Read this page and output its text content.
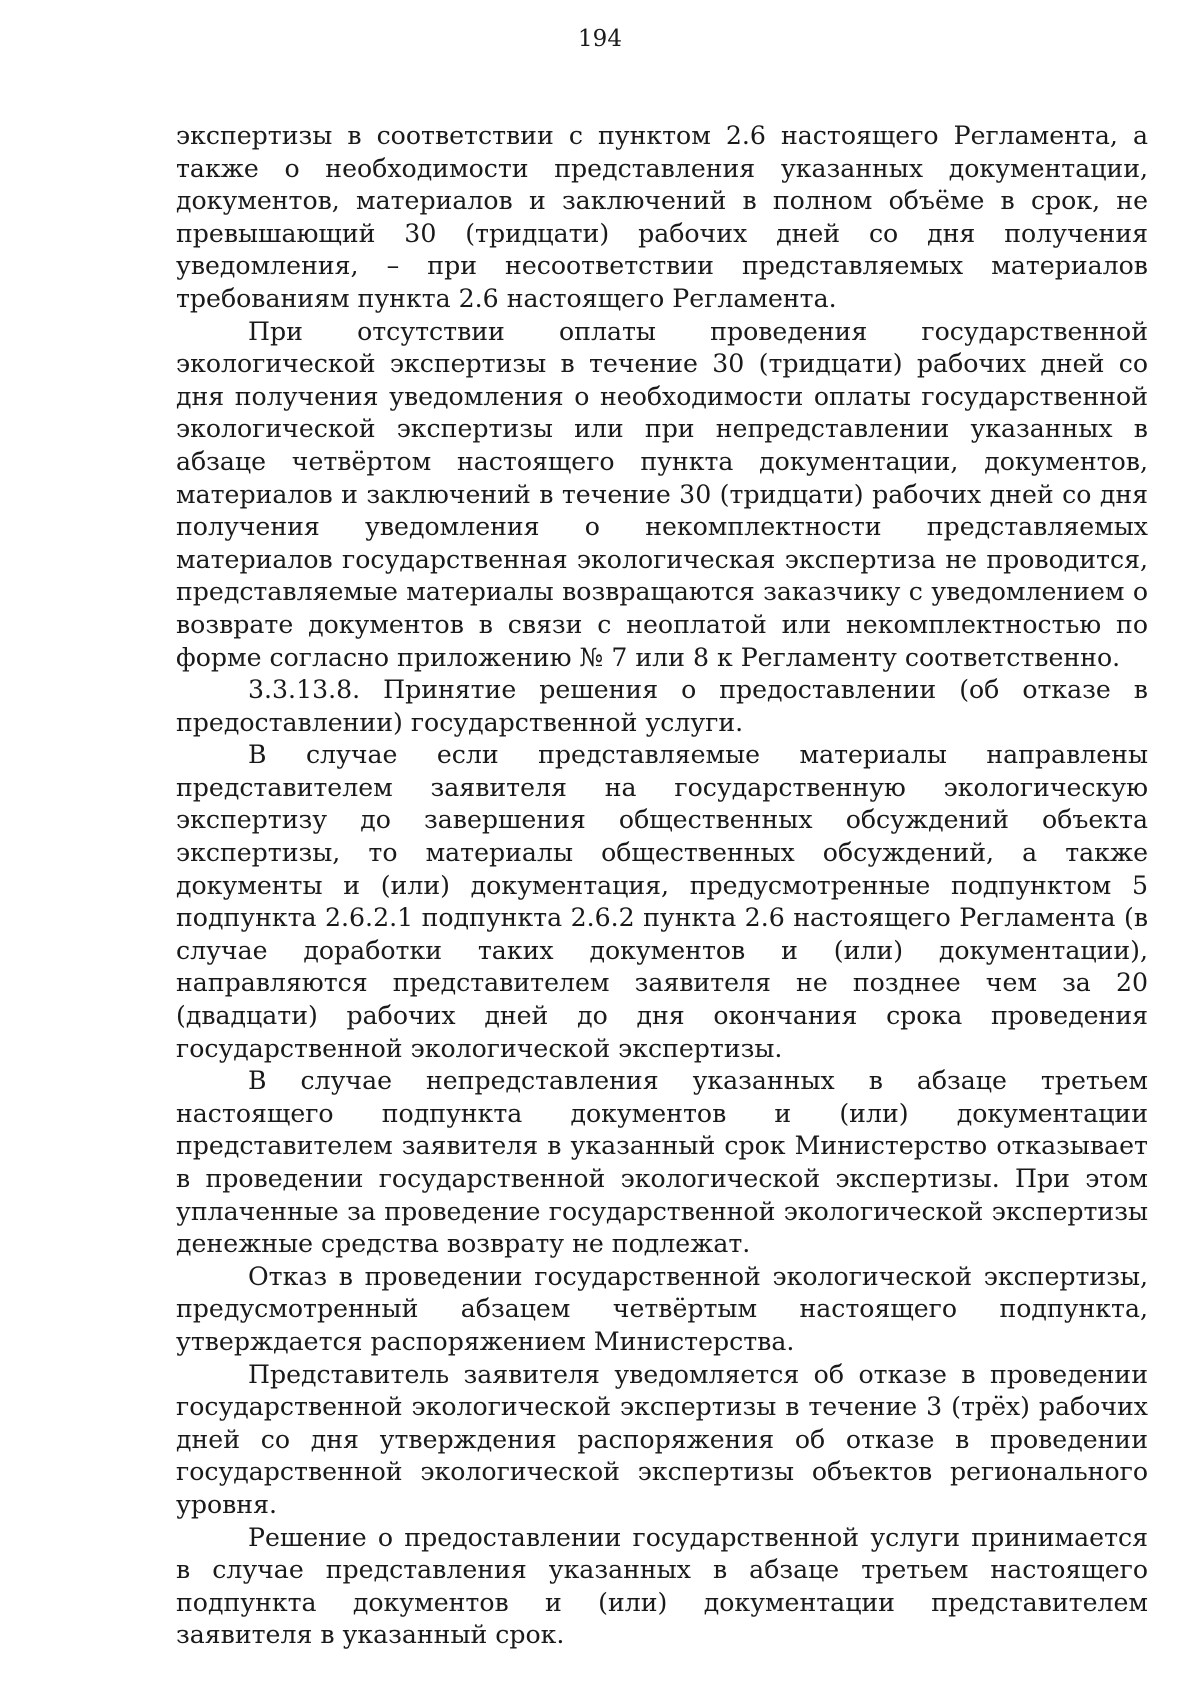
194

экспертизы в соответствии с пунктом 2.6 настоящего Регламента, а также о необходимости представления указанных документации, документов, материалов и заключений в полном объёме в срок, не превышающий 30 (тридцати) рабочих дней со дня получения уведомления, – при несоответствии представляемых материалов требованиям пункта 2.6 настоящего Регламента.

При отсутствии оплаты проведения государственной экологической экспертизы в течение 30 (тридцати) рабочих дней со дня получения уведомления о необходимости оплаты государственной экологической экспертизы или при непредставлении указанных в абзаце четвёртом настоящего пункта документации, документов, материалов и заключений в течение 30 (тридцати) рабочих дней со дня получения уведомления о некомплектности представляемых материалов государственная экологическая экспертиза не проводится, представляемые материалы возвращаются заказчику с уведомлением о возврате документов в связи с неоплатой или некомплектностью по форме согласно приложению № 7 или 8 к Регламенту соответственно.

3.3.13.8. Принятие решения о предоставлении (об отказе в предоставлении) государственной услуги.

В случае если представляемые материалы направлены представителем заявителя на государственную экологическую экспертизу до завершения общественных обсуждений объекта экспертизы, то материалы общественных обсуждений, а также документы и (или) документация, предусмотренные подпунктом 5 подпункта 2.6.2.1 подпункта 2.6.2 пункта 2.6 настоящего Регламента (в случае доработки таких документов и (или) документации), направляются представителем заявителя не позднее чем за 20 (двадцати) рабочих дней до дня окончания срока проведения государственной экологической экспертизы.

В случае непредставления указанных в абзаце третьем настоящего подпункта документов и (или) документации представителем заявителя в указанный срок Министерство отказывает в проведении государственной экологической экспертизы. При этом уплаченные за проведение государственной экологической экспертизы денежные средства возврату не подлежат.

Отказ в проведении государственной экологической экспертизы, предусмотренный абзацем четвёртым настоящего подпункта, утверждается распоряжением Министерства.

Представитель заявителя уведомляется об отказе в проведении государственной экологической экспертизы в течение 3 (трёх) рабочих дней со дня утверждения распоряжения об отказе в проведении государственной экологической экспертизы объектов регионального уровня.

Решение о предоставлении государственной услуги принимается в случае представления указанных в абзаце третьем настоящего подпункта документов и (или) документации представителем заявителя в указанный срок.
